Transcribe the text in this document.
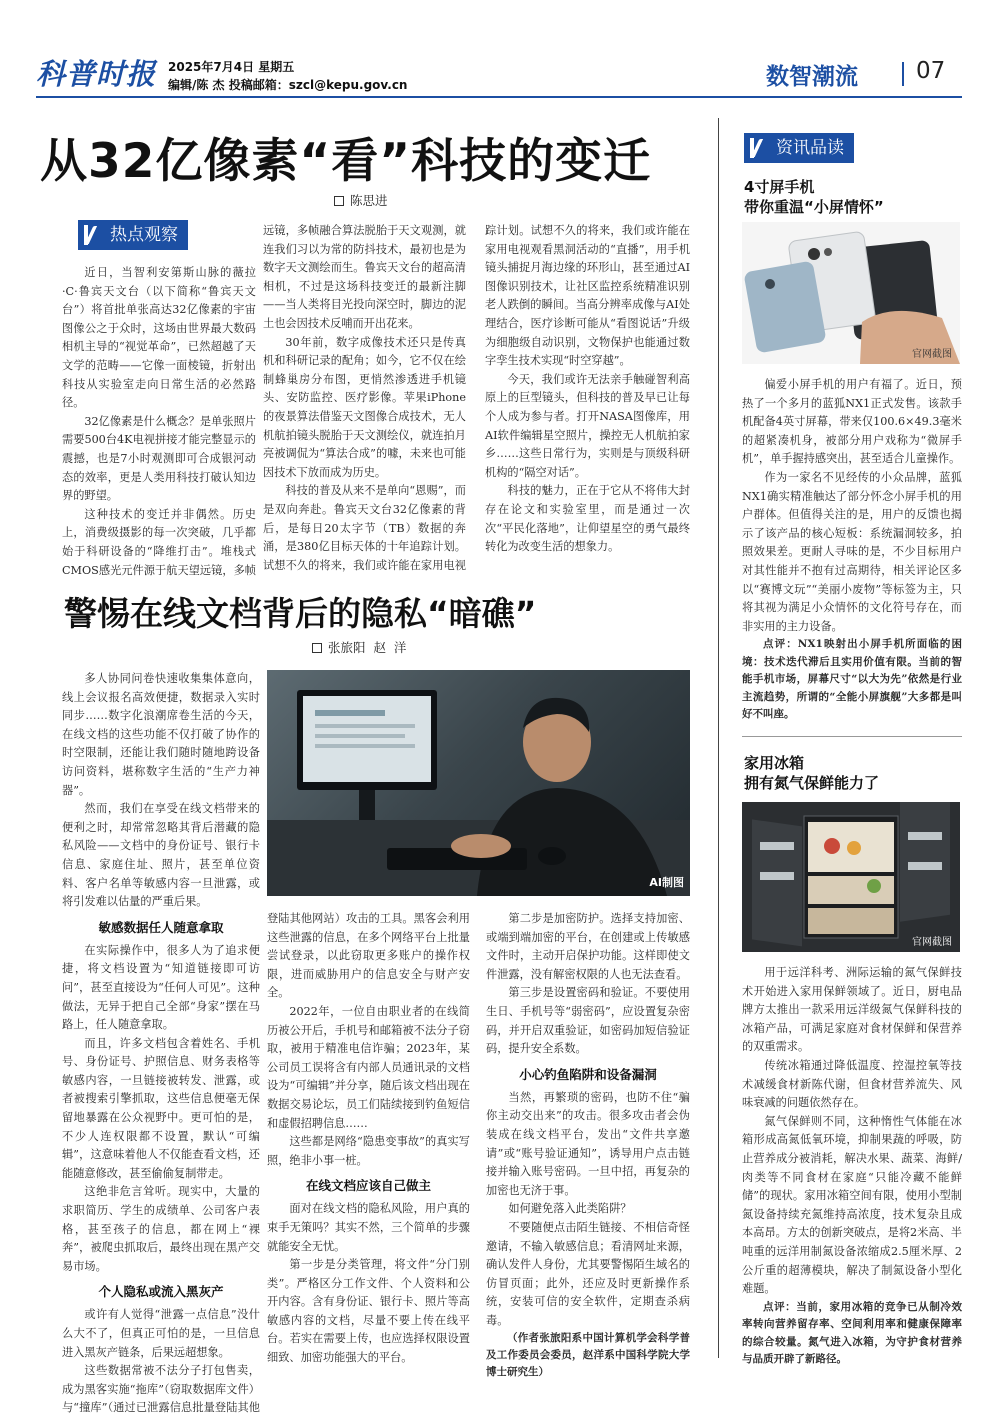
科普时报 2025年7月4日 星期五
编辑/陈 杰 投稿邮箱：szcl@kepu.gov.cn	数智潮流	07
从32亿像素“看”科技的变迁
陈思进
热点观察

近日，当智利安第斯山脉的薇拉·C·鲁宾天文台（以下简称“鲁宾天文台”）将首批单张高达32亿像素的宇宙图像公之于众时，这场由世界最大数码相机主导的“视觉革命”，已然超越了天文学的范畴——它像一面棱镜，折射出科技从实验室走向日常生活的必然路径。

32亿像素是什么概念？是单张照片需要500台4K电视拼接才能完整显示的震撼，也是7小时观测即可合成银河动态的效率，更是人类用科技打破认知边界的野望。

这种技术的变迁并非偶然。历史上，消费级摄影的每一次突破，几乎都始于科研设备的“降维打击”。堆栈式CMOS感光元件源于航天望远镜，多帧

远镜，多帧融合算法脱胎于天文观测，就连我们习以为常的防抖技术，最初也是为数字天文测绘而生。鲁宾天文台的超高清相机，不过是这场科技变迁的最新注脚——当人类将目光投向深空时，脚边的泥土也会因技术反哺而开出花来。

30年前，数字成像技术还只是传真机和科研记录的配角；如今，它不仅在绘制蜂巢房分布图，更悄然渗透进手机镜头、安防监控、医疗影像。苹果iPhone的夜景算法借鉴天文图像合成技术，无人机航拍镜头脱胎于天文测绘仪，就连拍月亮被调侃为“算法合成”的噱，未来也可能因技术下放而成为历史。

科技的普及从来不是单向“恩赐”，而是双向奔赴。鲁宾天文台32亿像素的背后，是每日20太字节（TB）数据的奔涌，是380亿目标天体的十年追踪计划。试想不久的将来，我们或许能在家用电视

踪计划。试想不久的将来，我们或许能在家用电视观看黑洞活动的“直播”，用手机镜头捕捉月海边缘的环形山，甚至通过AI图像识别技术，让社区监控系统精准识别老人跌倒的瞬间。当高分辨率成像与AI处理结合，医疗诊断可能从“看图说话”升级为细胞级自动识别，文物保护也能通过数字孪生技术实现“时空穿越”。

今天，我们或许无法亲手触碰智利高原上的巨型镜头，但科技的普及早已让每个人成为参与者。打开NASA图像库，用AI软件编辑星空照片，操控无人机航拍家乡……这些日常行为，实则是与顶级科研机构的“隔空对话”。

科技的魅力，正在于它从不将伟大封存在论文和实验室里，而是通过一次次“平民化落地”，让仰望星空的勇气最终转化为改变生活的想象力。

警惕在线文档背后的隐私“暗礁”
张旅阳  赵  洋
AI制图

多人协同问卷快速收集集体意向，线上会议报名高效便捷，数据录入实时同步……数字化浪潮席卷生活的今天，在线文档的这些功能不仅打破了协作的时空限制，还能让我们随时随地跨设备访问资料，堪称数字生活的“生产力神器”。

然而，我们在享受在线文档带来的便利之时，却常常忽略其背后潜藏的隐私风险——文档中的身份证号、银行卡信息、家庭住址、照片，甚至单位资料、客户名单等敏感内容一旦泄露，或将引发难以估量的严重后果。

敏感数据任人随意拿取

在实际操作中，很多人为了追求便捷，将文档设置为“知道链接即可访问”，甚至直接设为“任何人可见”。这种做法，无异于把自己全部“身家”摆在马路上，任人随意拿取。

而且，许多文档包含着姓名、手机号、身份证号、护照信息、财务表格等敏感内容，一旦链接被转发、泄露，或者被搜索引擎抓取，这些信息便毫无保留地暴露在公众视野中。更可怕的是，不少人连权限都不设置，默认“可编辑”，这意味着他人不仅能查看文档，还能随意修改，甚至偷偷复制带走。

这绝非危言耸听。现实中，大量的求职简历、学生的成绩单、公司客户表格，甚至孩子的信息，都在网上“裸奔”，被爬虫抓取后，最终出现在黑产交易市场。

个人隐私或流入黑灰产

或许有人觉得“泄露一点信息”没什么大不了，但真正可怕的是，一旦信息进入黑灰产链条，后果远超想象。

这些数据常被不法分子打包售卖，成为黑客实施“拖库”（窃取数据库文件）与“撞库”（通过已泄露信息批量登陆其他

登陆其他网站）攻击的工具。黑客会利用这些泄露的信息，在多个网络平台上批量尝试登录，以此窃取更多账户的操作权限，进而威胁用户的信息安全与财产安全。

2022年，一位自由职业者的在线简历被公开后，手机号和邮箱被不法分子窃取，被用于精准电信诈骗；2023年，某公司员工误将含有内部人员通讯录的文档设为“可编辑”并分享，随后该文档出现在数据交易论坛，员工们陆续接到钓鱼短信和虚假招聘信息……

这些都是网络“隐患变事故”的真实写照，绝非小事一桩。

在线文档应该自己做主

面对在线文档的隐私风险，用户真的束手无策吗？其实不然，三个简单的步骤就能安全无忧。

第一步是分类管理，将文件“分门别类”。严格区分工作文件、个人资料和公开内容。含有身份证、银行卡、照片等高敏感内容的文档，尽量不要上传在线平台。若实在需要上传，也应选择权限设置细致、加密功能强大的平台。

第二步是加密防护。选择支持加密、或端到端加密的平台，在创建或上传敏感文件时，主动开启保护功能。这样即使文件泄露，没有解密权限的人也无法查看。

第三步是设置密码和验证。不要使用生日、手机号等“弱密码”，应设置复杂密码，并开启双重验证，如密码加短信验证码，提升安全系数。

小心钓鱼陷阱和设备漏洞

当然，再繁琐的密码，也防不住“骗你主动交出来”的攻击。很多攻击者会伪装成在线文档平台，发出“文件共享邀请”或“账号验证通知”，诱导用户点击链接并输入账号密码。一旦中招，再复杂的加密也无济于事。

如何避免落入此类陷阱？

不要随便点击陌生链接、不相信奇怪邀请，不输入敏感信息；看清网址来源，确认发件人身份，尤其要警惕陌生域名的仿冒页面；此外，还应及时更新操作系统，安装可信的安全软件，定期查杀病毒。

（作者张旅阳系中国计算机学会科学普及工作委员会委员，赵洋系中国科学院大学博士研究生）

资讯品读
4寸屏手机
带你重温“小屏情怀”
官网截图

偏爱小屏手机的用户有福了。近日，预热了一个多月的蓝狐NX1正式发售。该款手机配备4英寸屏幕，带来仅100.6×49.3毫米的超紧凑机身，被部分用户戏称为“微屏手机”，单手握持感突出，甚至适合儿童操作。

作为一家名不见经传的小众品牌，蓝狐NX1确实精准触达了部分怀念小屏手机的用户群体。但值得关注的是，用户的反馈也揭示了该产品的核心短板：系统漏洞较多，拍照效果差。更耐人寻味的是，不少目标用户对其性能并不抱有过高期待，相关评论区多以“赛博文玩”“美丽小废物”等标签为主，只将其视为满足小众情怀的文化符号存在，而非实用的主力设备。

点评：NX1映射出小屏手机所面临的困境：技术迭代滞后且实用价值有限。当前的智能手机市场，屏幕尺寸“以大为先”依然是行业主流趋势，所谓的“全能小屏旗舰”大多都是叫好不叫座。

家用冰箱
拥有氮气保鲜能力了
官网截图

用于远洋科考、洲际运输的氮气保鲜技术开始进入家用保鲜领域了。近日，厨电品牌方太推出一款采用远洋级氮气保鲜科技的冰箱产品，可满足家庭对食材保鲜和保营养的双重需求。

传统冰箱通过降低温度、控湿控氧等技术减缓食材新陈代谢，但食材营养流失、风味衰减的问题依然存在。

氮气保鲜则不同，这种惰性气体能在冰箱形成高氮低氧环境，抑制果蔬的呼吸，防止营养成分被消耗，解决水果、蔬菜、海鲜/肉类等不同食材在家庭“只能冷藏不能鲜储”的现状。家用冰箱空间有限，使用小型制氮设备持续充氮维持高浓度，技术复杂且成本高昂。方太的创新突破点，是将2米高、半吨重的远洋用制氮设备浓缩成2.5厘米厚、2公斤重的超薄模块，解决了制氮设备小型化难题。

点评：当前，家用冰箱的竞争已从制冷效率转向营养留存率、空间利用率和健康保障率的综合较量。氮气进入冰箱，为守护食材营养与品质开辟了新路径。
